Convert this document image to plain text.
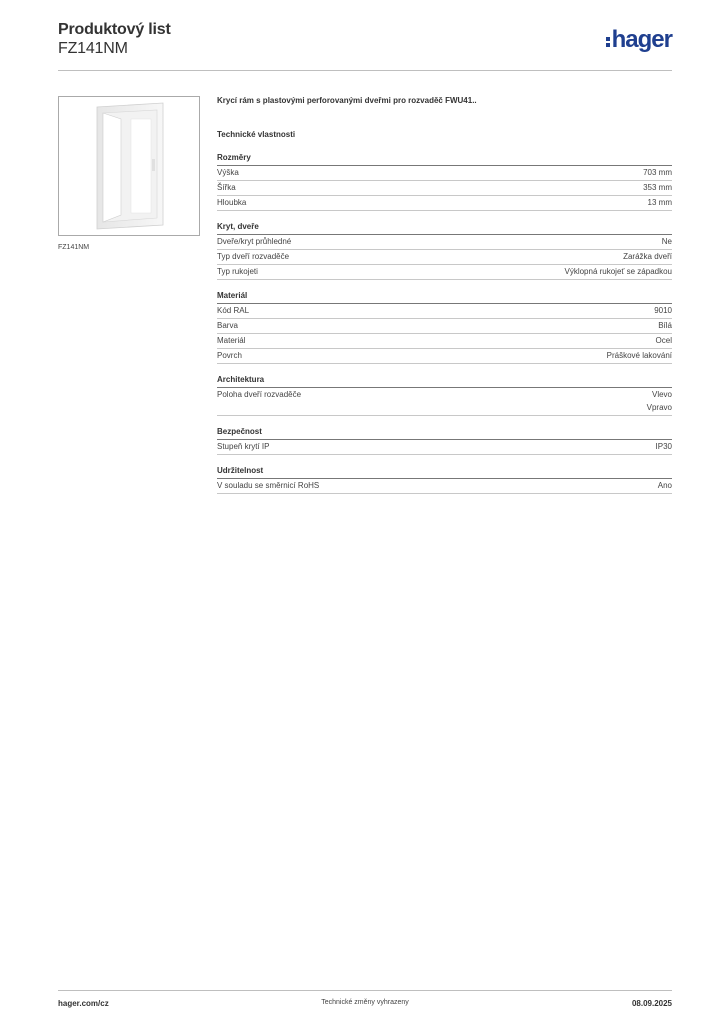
Produktový list
FZ141NM	hager
FZ141NM
Krycí rám s plastovými perforovanými dveřmi pro rozvaděč FWU41..
Technické vlastnosti
Rozměry
Výška	703 mm
Šířka	353 mm
Hloubka	13 mm
Kryt, dveře
Dveře/kryt průhledné	Ne
Typ dveří rozvaděče	Zarážka dveří
Typ rukojeti	Výklopná rukojeť se západkou
Materiál
Kód RAL	9010
Barva	Bílá
Materiál	Ocel
Povrch	Práškové lakování
Architektura
Poloha dveří rozvaděče	Vlevo
Vpravo
Bezpečnost
Stupeň krytí IP	IP30
Udržitelnost
V souladu se směrnicí RoHS	Ano
hager.com/cz	Technické změny vyhrazeny	08.09.2025
